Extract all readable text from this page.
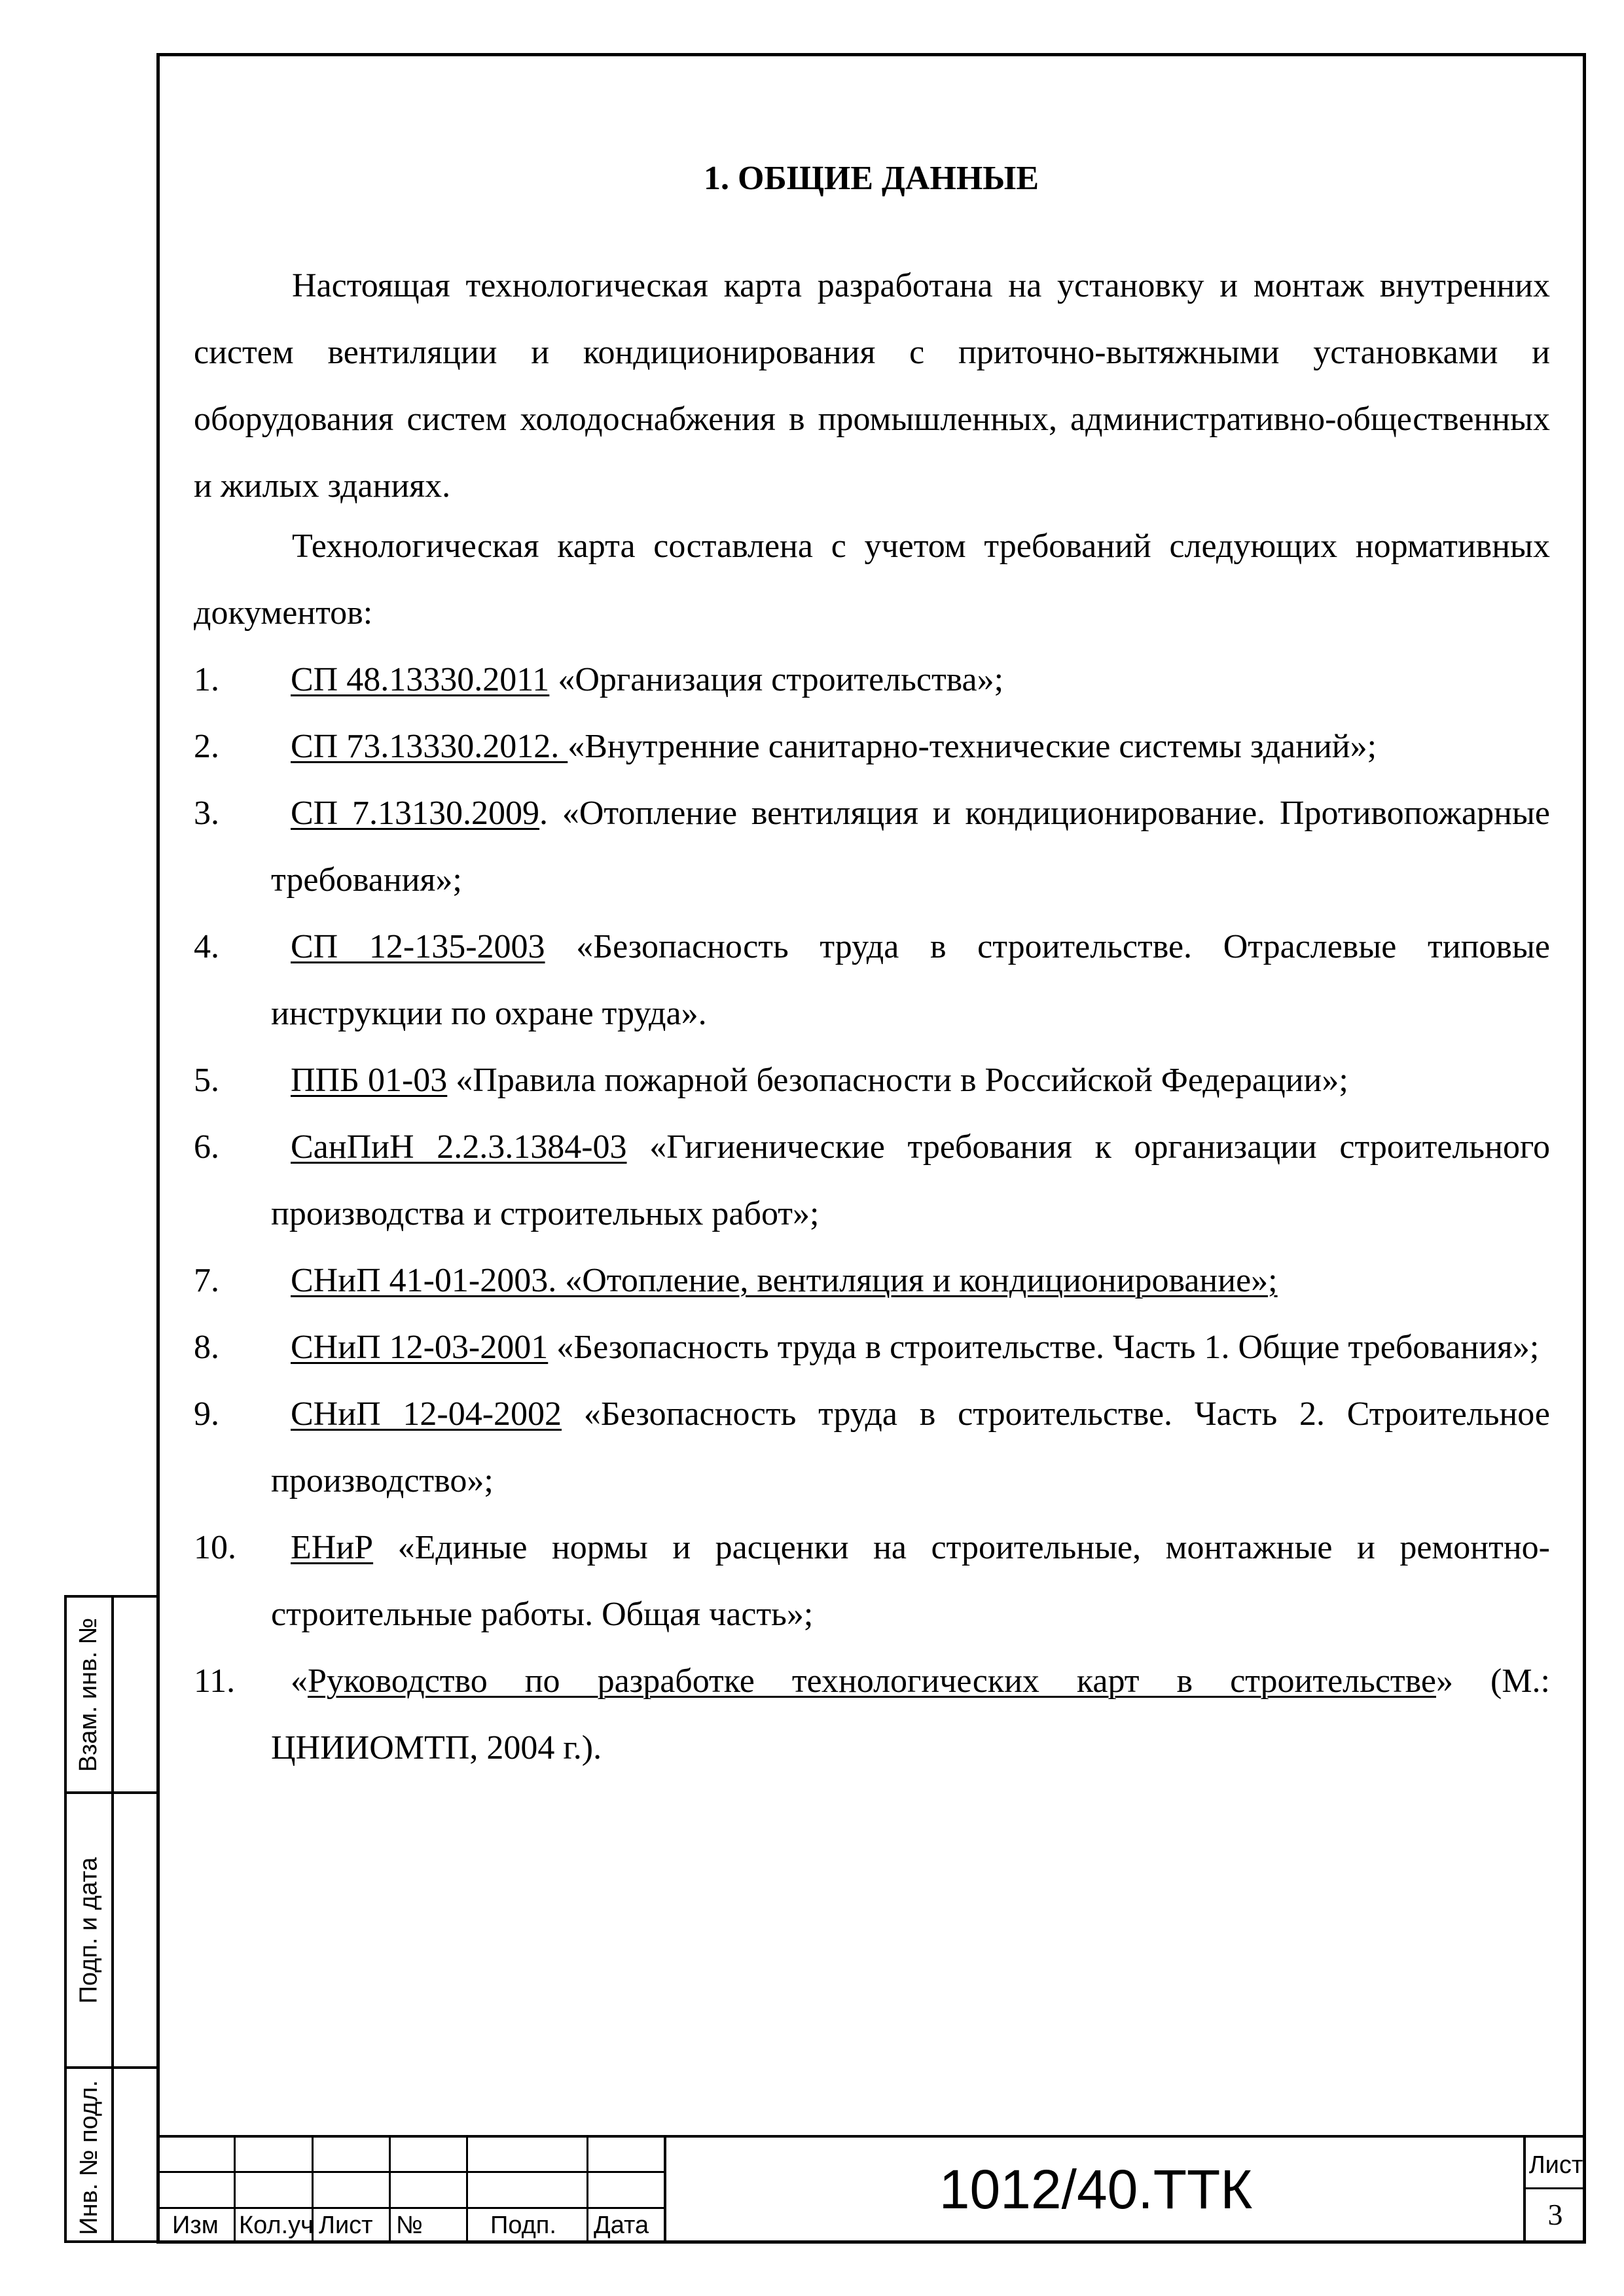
1. ОБЩИЕ ДАННЫЕ

Настоящая технологическая карта разработана на установку и монтаж внутренних систем вентиляции и кондиционирования с приточно-вытяжными установками и оборудования систем холодоснабжения в промышленных, административно-общественных и жилых зданиях.

Технологическая карта составлена с учетом требований следующих нормативных документов:

1.	СП 48.13330.2011 «Организация строительства»;
2.	СП 73.13330.2012. «Внутренние санитарно-технические системы зданий»;
3.	СП 7.13130.2009. «Отопление вентиляция и кондиционирование. Противопожарные требования»;
4.	СП 12-135-2003 «Безопасность труда в строительстве. Отраслевые типовые инструкции по охране труда».
5.	ППБ 01-03 «Правила пожарной безопасности в Российской Федерации»;
6.	СанПиН 2.2.3.1384-03 «Гигиенические требования к организации строительного производства и строительных работ»;
7.	СНиП 41-01-2003. «Отопление, вентиляция и кондиционирование»;
8.	СНиП 12-03-2001 «Безопасность труда в строительстве. Часть 1. Общие требования»;
9.	СНиП 12-04-2002 «Безопасность труда в строительстве. Часть 2. Строительное производство»;
10.	ЕНиР «Единые нормы и расценки на строительные, монтажные и ремонтно-строительные работы. Общая часть»;
11.	«Руководство по разработке технологических карт в строительстве» (М.: ЦНИИОМТП, 2004 г.).
Взам. инв. №
Подп. и дата
Инв. № подл.	Изм Кол.уч Лист №	Подп. Дата
1012/40.ТТК	Лист
3
